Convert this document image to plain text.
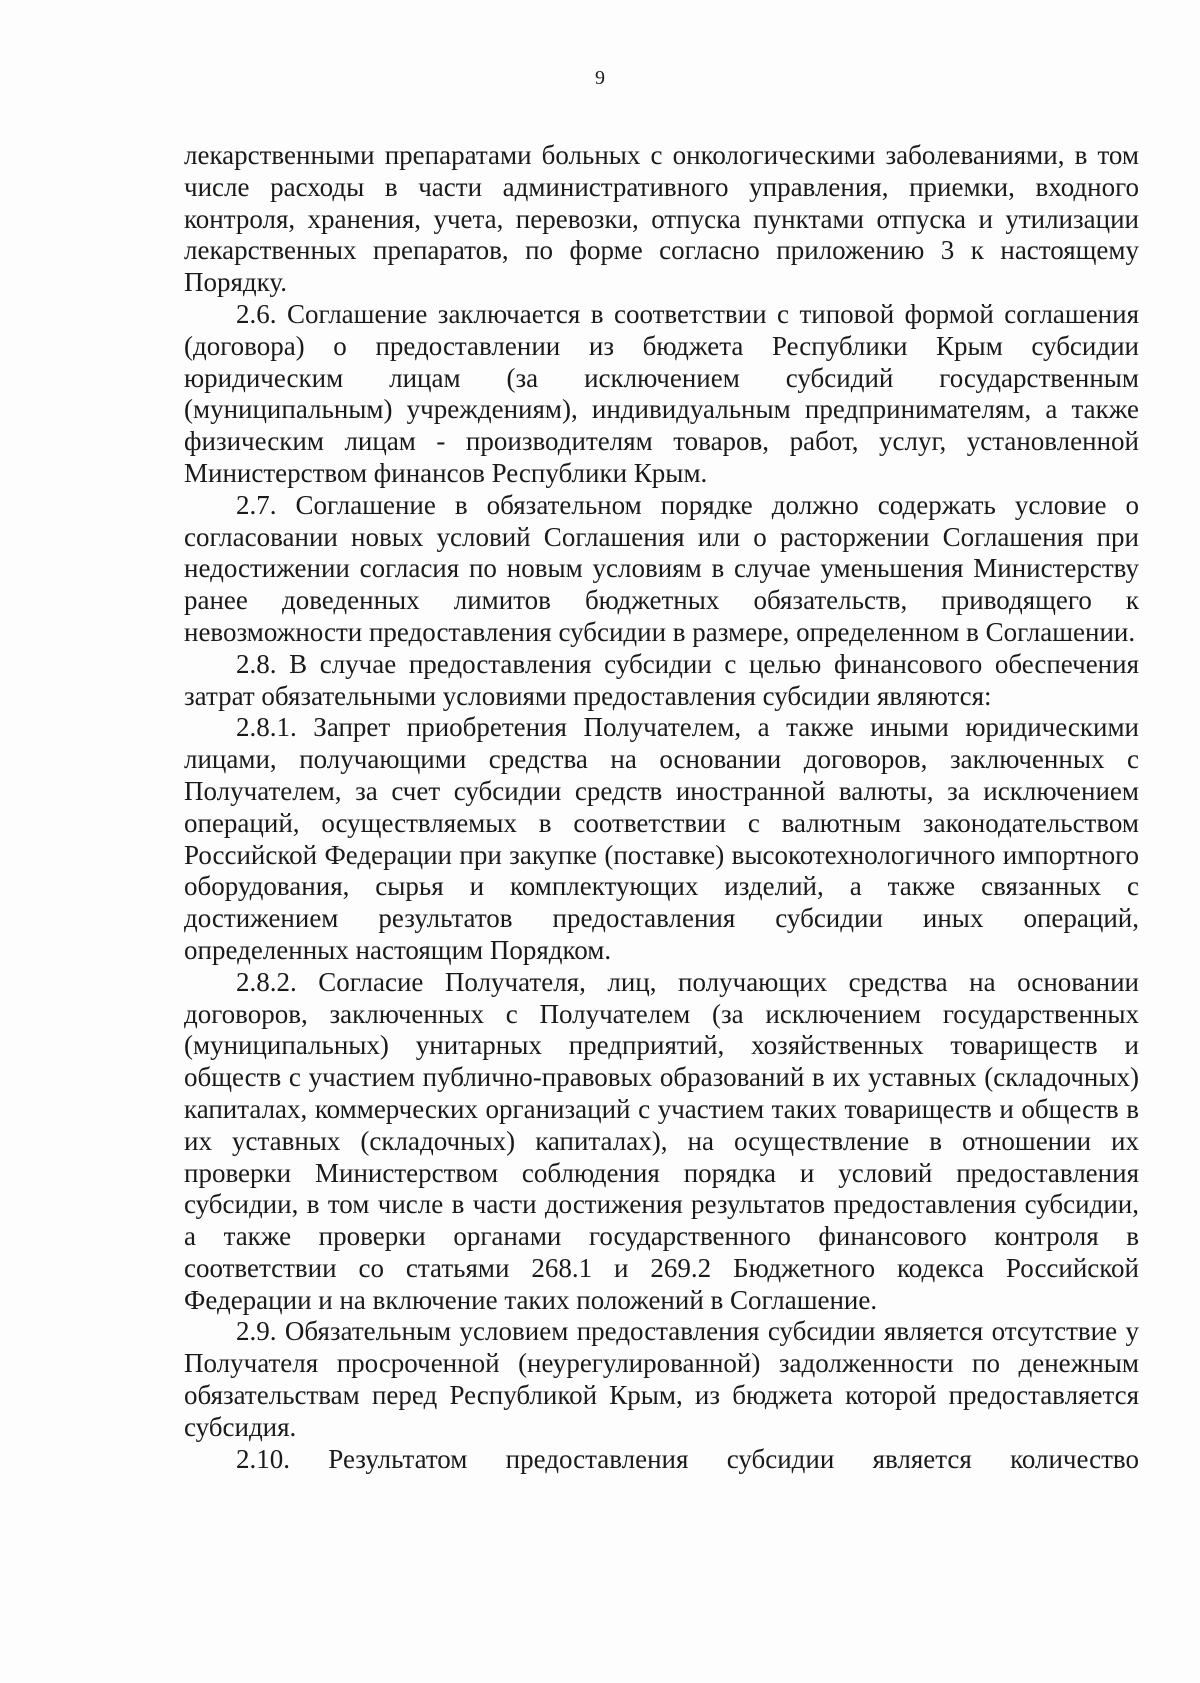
9

лекарственными препаратами больных с онкологическими заболеваниями, в том числе расходы в части административного управления, приемки, входного контроля, хранения, учета, перевозки, отпуска пунктами отпуска и утилизации лекарственных препаратов, по форме согласно приложению 3 к настоящему Порядку.

2.6. Соглашение заключается в соответствии с типовой формой соглашения (договора) о предоставлении из бюджета Республики Крым субсидии юридическим лицам (за исключением субсидий государственным (муниципальным) учреждениям), индивидуальным предпринимателям, а также физическим лицам - производителям товаров, работ, услуг, установленной Министерством финансов Республики Крым.

2.7. Соглашение в обязательном порядке должно содержать условие о согласовании новых условий Соглашения или о расторжении Соглашения при недостижении согласия по новым условиям в случае уменьшения Министерству ранее доведенных лимитов бюджетных обязательств, приводящего к невозможности предоставления субсидии в размере, определенном в Соглашении.

2.8. В случае предоставления субсидии с целью финансового обеспечения затрат обязательными условиями предоставления субсидии являются:

2.8.1. Запрет приобретения Получателем, а также иными юридическими лицами, получающими средства на основании договоров, заключенных с Получателем, за счет субсидии средств иностранной валюты, за исключением операций, осуществляемых в соответствии с валютным законодательством Российской Федерации при закупке (поставке) высокотехнологичного импортного оборудования, сырья и комплектующих изделий, а также связанных с достижением результатов предоставления субсидии иных операций, определенных настоящим Порядком.

2.8.2. Согласие Получателя, лиц, получающих средства на основании договоров, заключенных с Получателем (за исключением государственных (муниципальных) унитарных предприятий, хозяйственных товариществ и обществ с участием публично-правовых образований в их уставных (складочных) капиталах, коммерческих организаций с участием таких товариществ и обществ в их уставных (складочных) капиталах), на осуществление в отношении их проверки Министерством соблюдения порядка и условий предоставления субсидии, в том числе в части достижения результатов предоставления субсидии, а также проверки органами государственного финансового контроля в соответствии со статьями 268.1 и 269.2 Бюджетного кодекса Российской Федерации и на включение таких положений в Соглашение.

2.9. Обязательным условием предоставления субсидии является отсутствие у Получателя просроченной (неурегулированной) задолженности по денежным обязательствам перед Республикой Крым, из бюджета которой предоставляется субсидия.

2.10. Результатом предоставления субсидии является количество
